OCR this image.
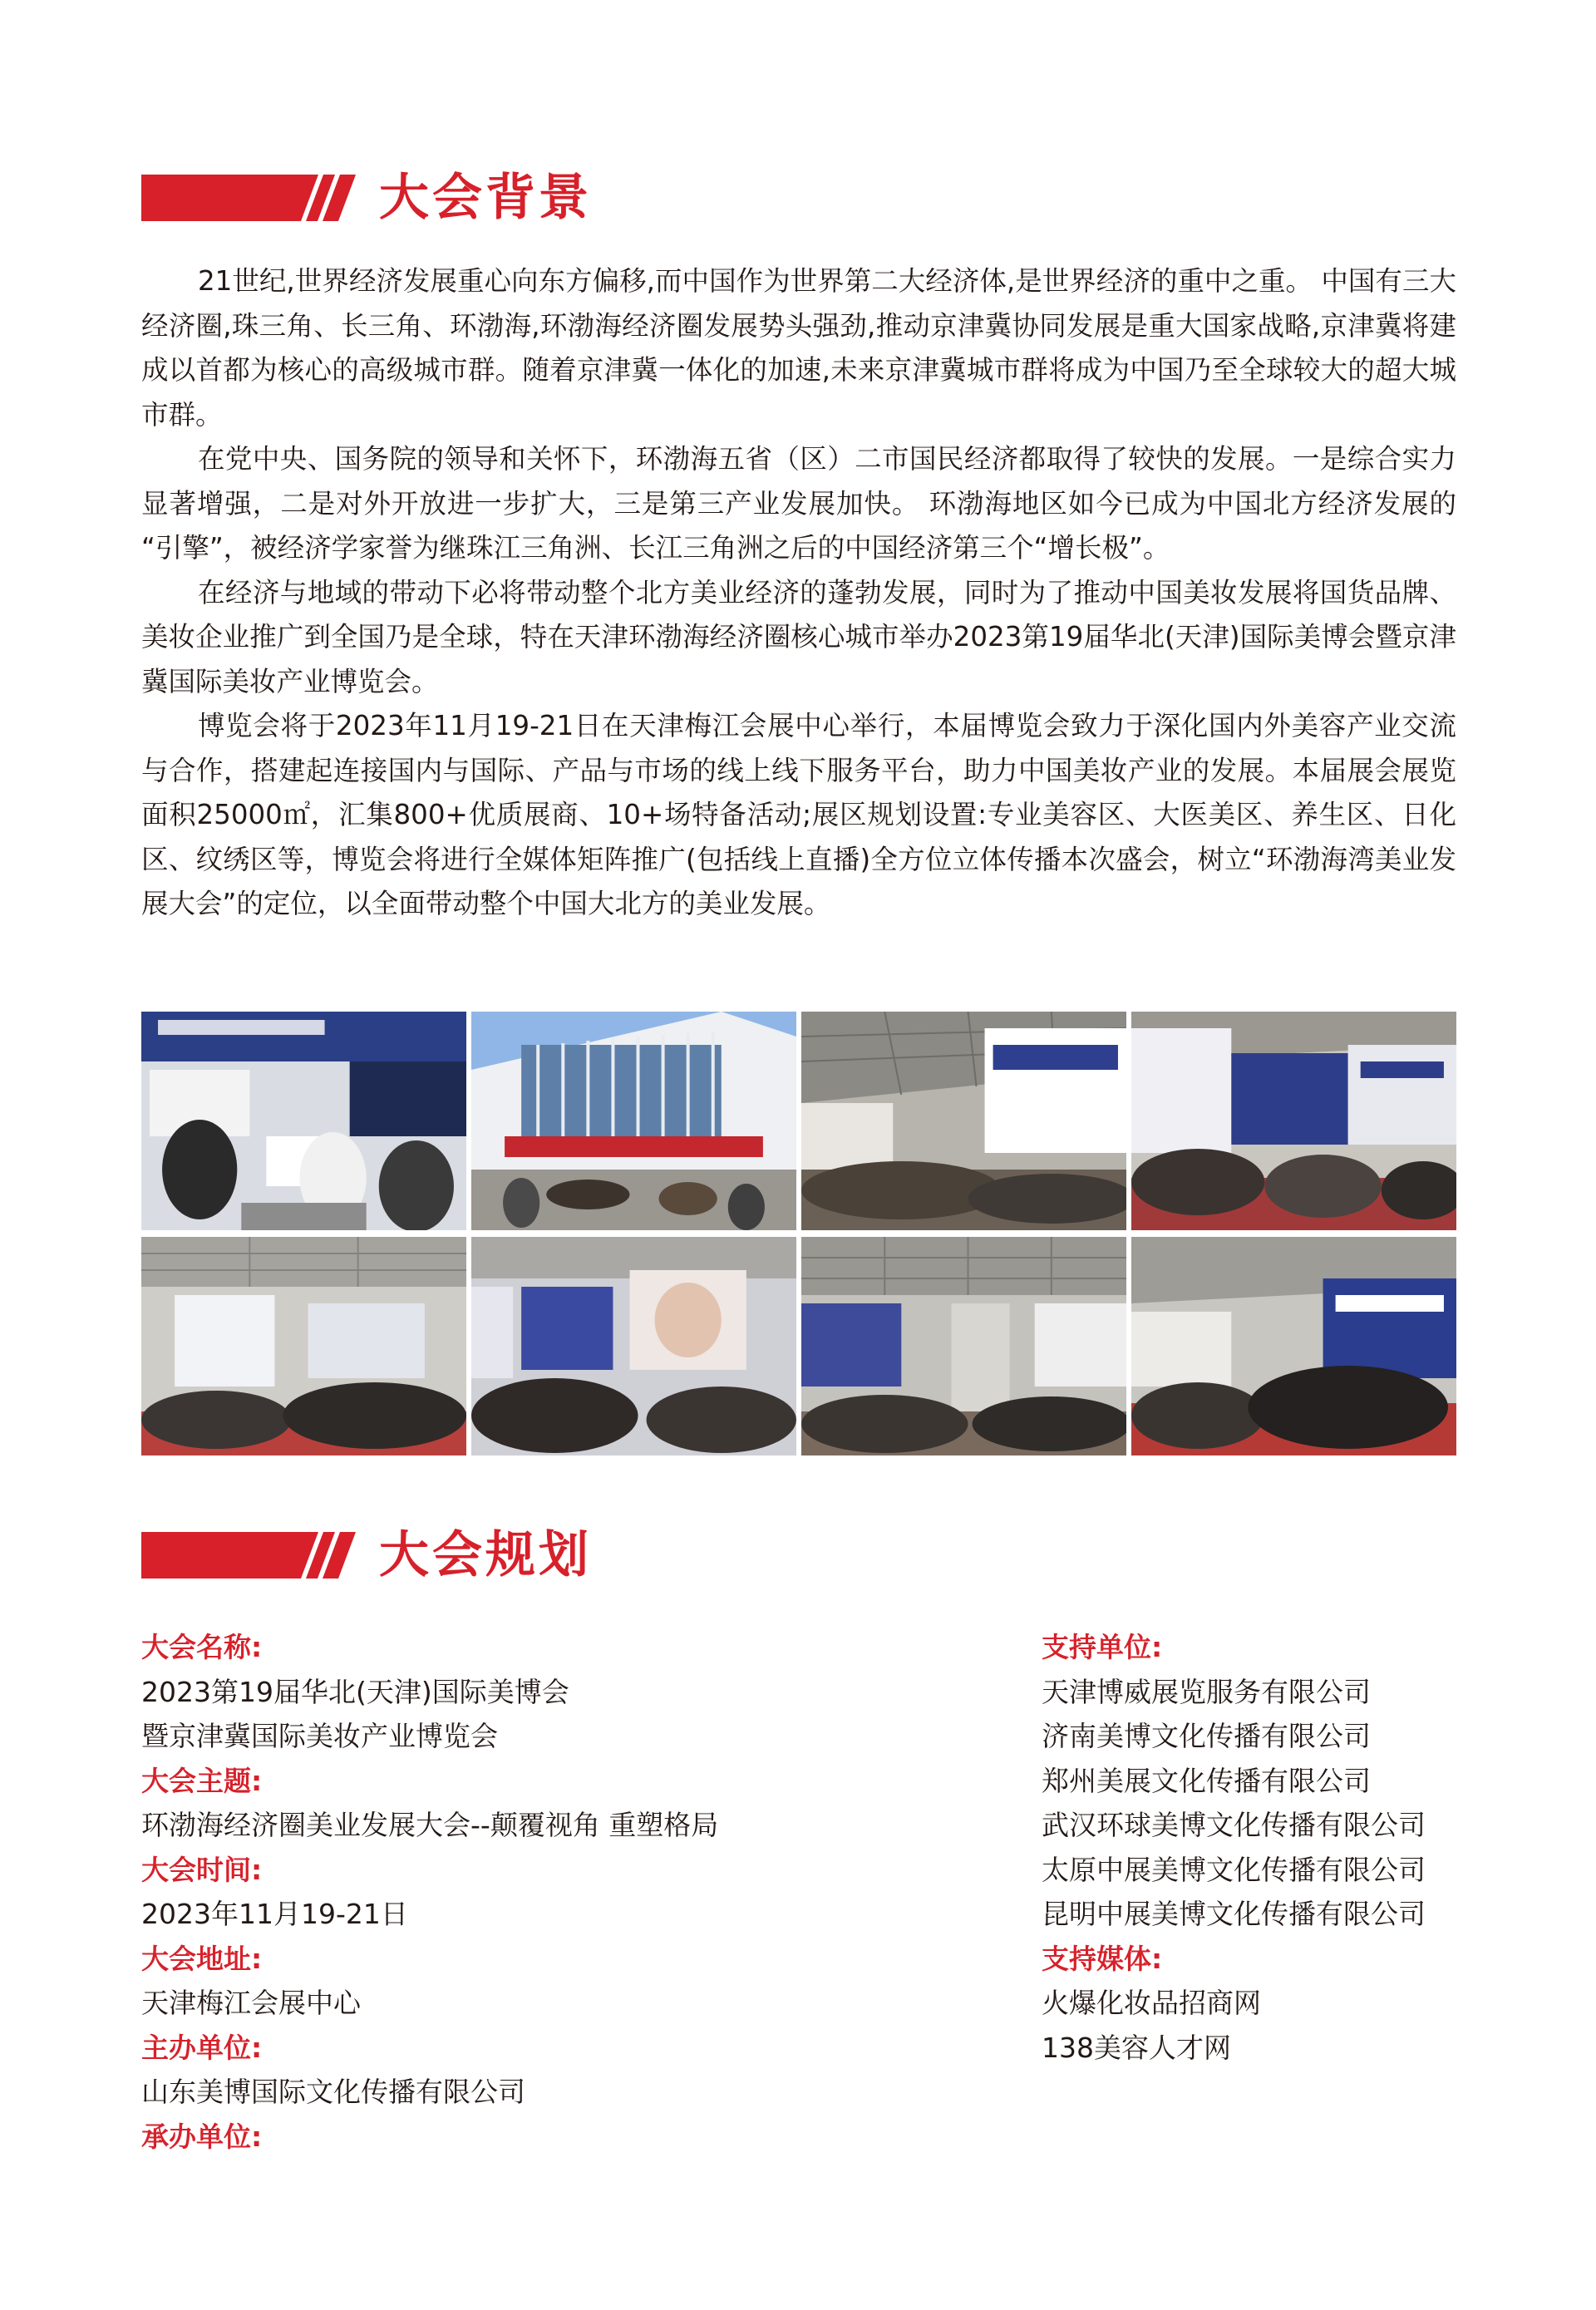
大会背景

21世纪,世界经济发展重心向东方偏移,而中国作为世界第二大经济体,是世界经济的重中之重。 中国有三大经济圈,珠三角、长三角、环渤海,环渤海经济圈发展势头强劲,推动京津冀协同发展是重大国家战略,京津冀将建成以首都为核心的高级城市群。随着京津冀一体化的加速,未来京津冀城市群将成为中国乃至全球较大的超大城市群。

在党中央、国务院的领导和关怀下，环渤海五省（区）二市国民经济都取得了较快的发展。一是综合实力显著增强，二是对外开放进一步扩大，三是第三产业发展加快。 环渤海地区如今已成为中国北方经济发展的 “引擎”，被经济学家誉为继珠江三角洲、长江三角洲之后的中国经济第三个“增长极”。

在经济与地域的带动下必将带动整个北方美业经济的蓬勃发展，同时为了推动中国美妆发展将国货品牌、美妆企业推广到全国乃是全球，特在天津环渤海经济圈核心城市举办2023第19届华北(天津)国际美博会暨京津冀国际美妆产业博览会。

博览会将于2023年11月19-21日在天津梅江会展中心举行，本届博览会致力于深化国内外美容产业交流与合作，搭建起连接国内与国际、产品与市场的线上线下服务平台，助力中国美妆产业的发展。本届展会展览面积25000㎡，汇集800+优质展商、10+场特备活动;展区规划设置:专业美容区、大医美区、养生区、日化区、纹绣区等，博览会将进行全媒体矩阵推广(包括线上直播)全方位立体传播本次盛会，树立“环渤海湾美业发展大会”的定位，以全面带动整个中国大北方的美业发展。

大会规划
大会名称:
2023第19届华北(天津)国际美博会
暨京津冀国际美妆产业博览会
大会主题:
环渤海经济圈美业发展大会--颠覆视角 重塑格局
大会时间:
2023年11月19-21日
大会地址:
天津梅江会展中心
主办单位:
山东美博国际文化传播有限公司
承办单位:
支持单位:
天津博威展览服务有限公司
济南美博文化传播有限公司
郑州美展文化传播有限公司
武汉环球美博文化传播有限公司
太原中展美博文化传播有限公司
昆明中展美博文化传播有限公司
支持媒体:
火爆化妆品招商网
138美容人才网
